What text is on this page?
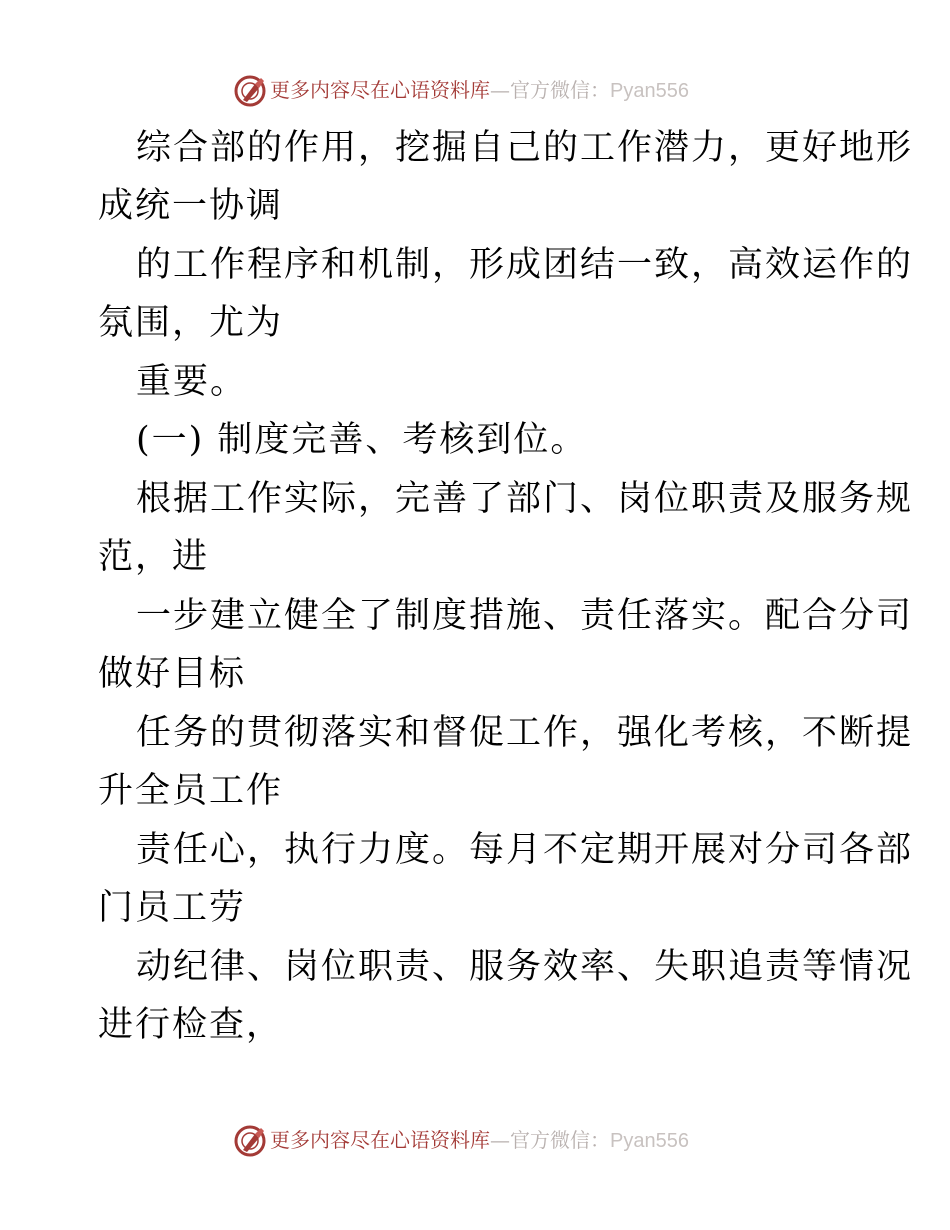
更多内容尽在心语资料库—官方微信：Pyan556
综合部的作用，挖掘自己的工作潜力，更好地形
成统一协调
的工作程序和机制，形成团结一致，高效运作的
氛围，尤为
重要。
(一) 制度完善、考核到位。
根据工作实际，完善了部门、岗位职责及服务规
范，进
一步建立健全了制度措施、责任落实。配合分司
做好目标
任务的贯彻落实和督促工作，强化考核，不断提
升全员工作
责任心，执行力度。每月不定期开展对分司各部
门员工劳
动纪律、岗位职责、服务效率、失职追责等情况
进行检查，
更多内容尽在心语资料库—官方微信：Pyan556
